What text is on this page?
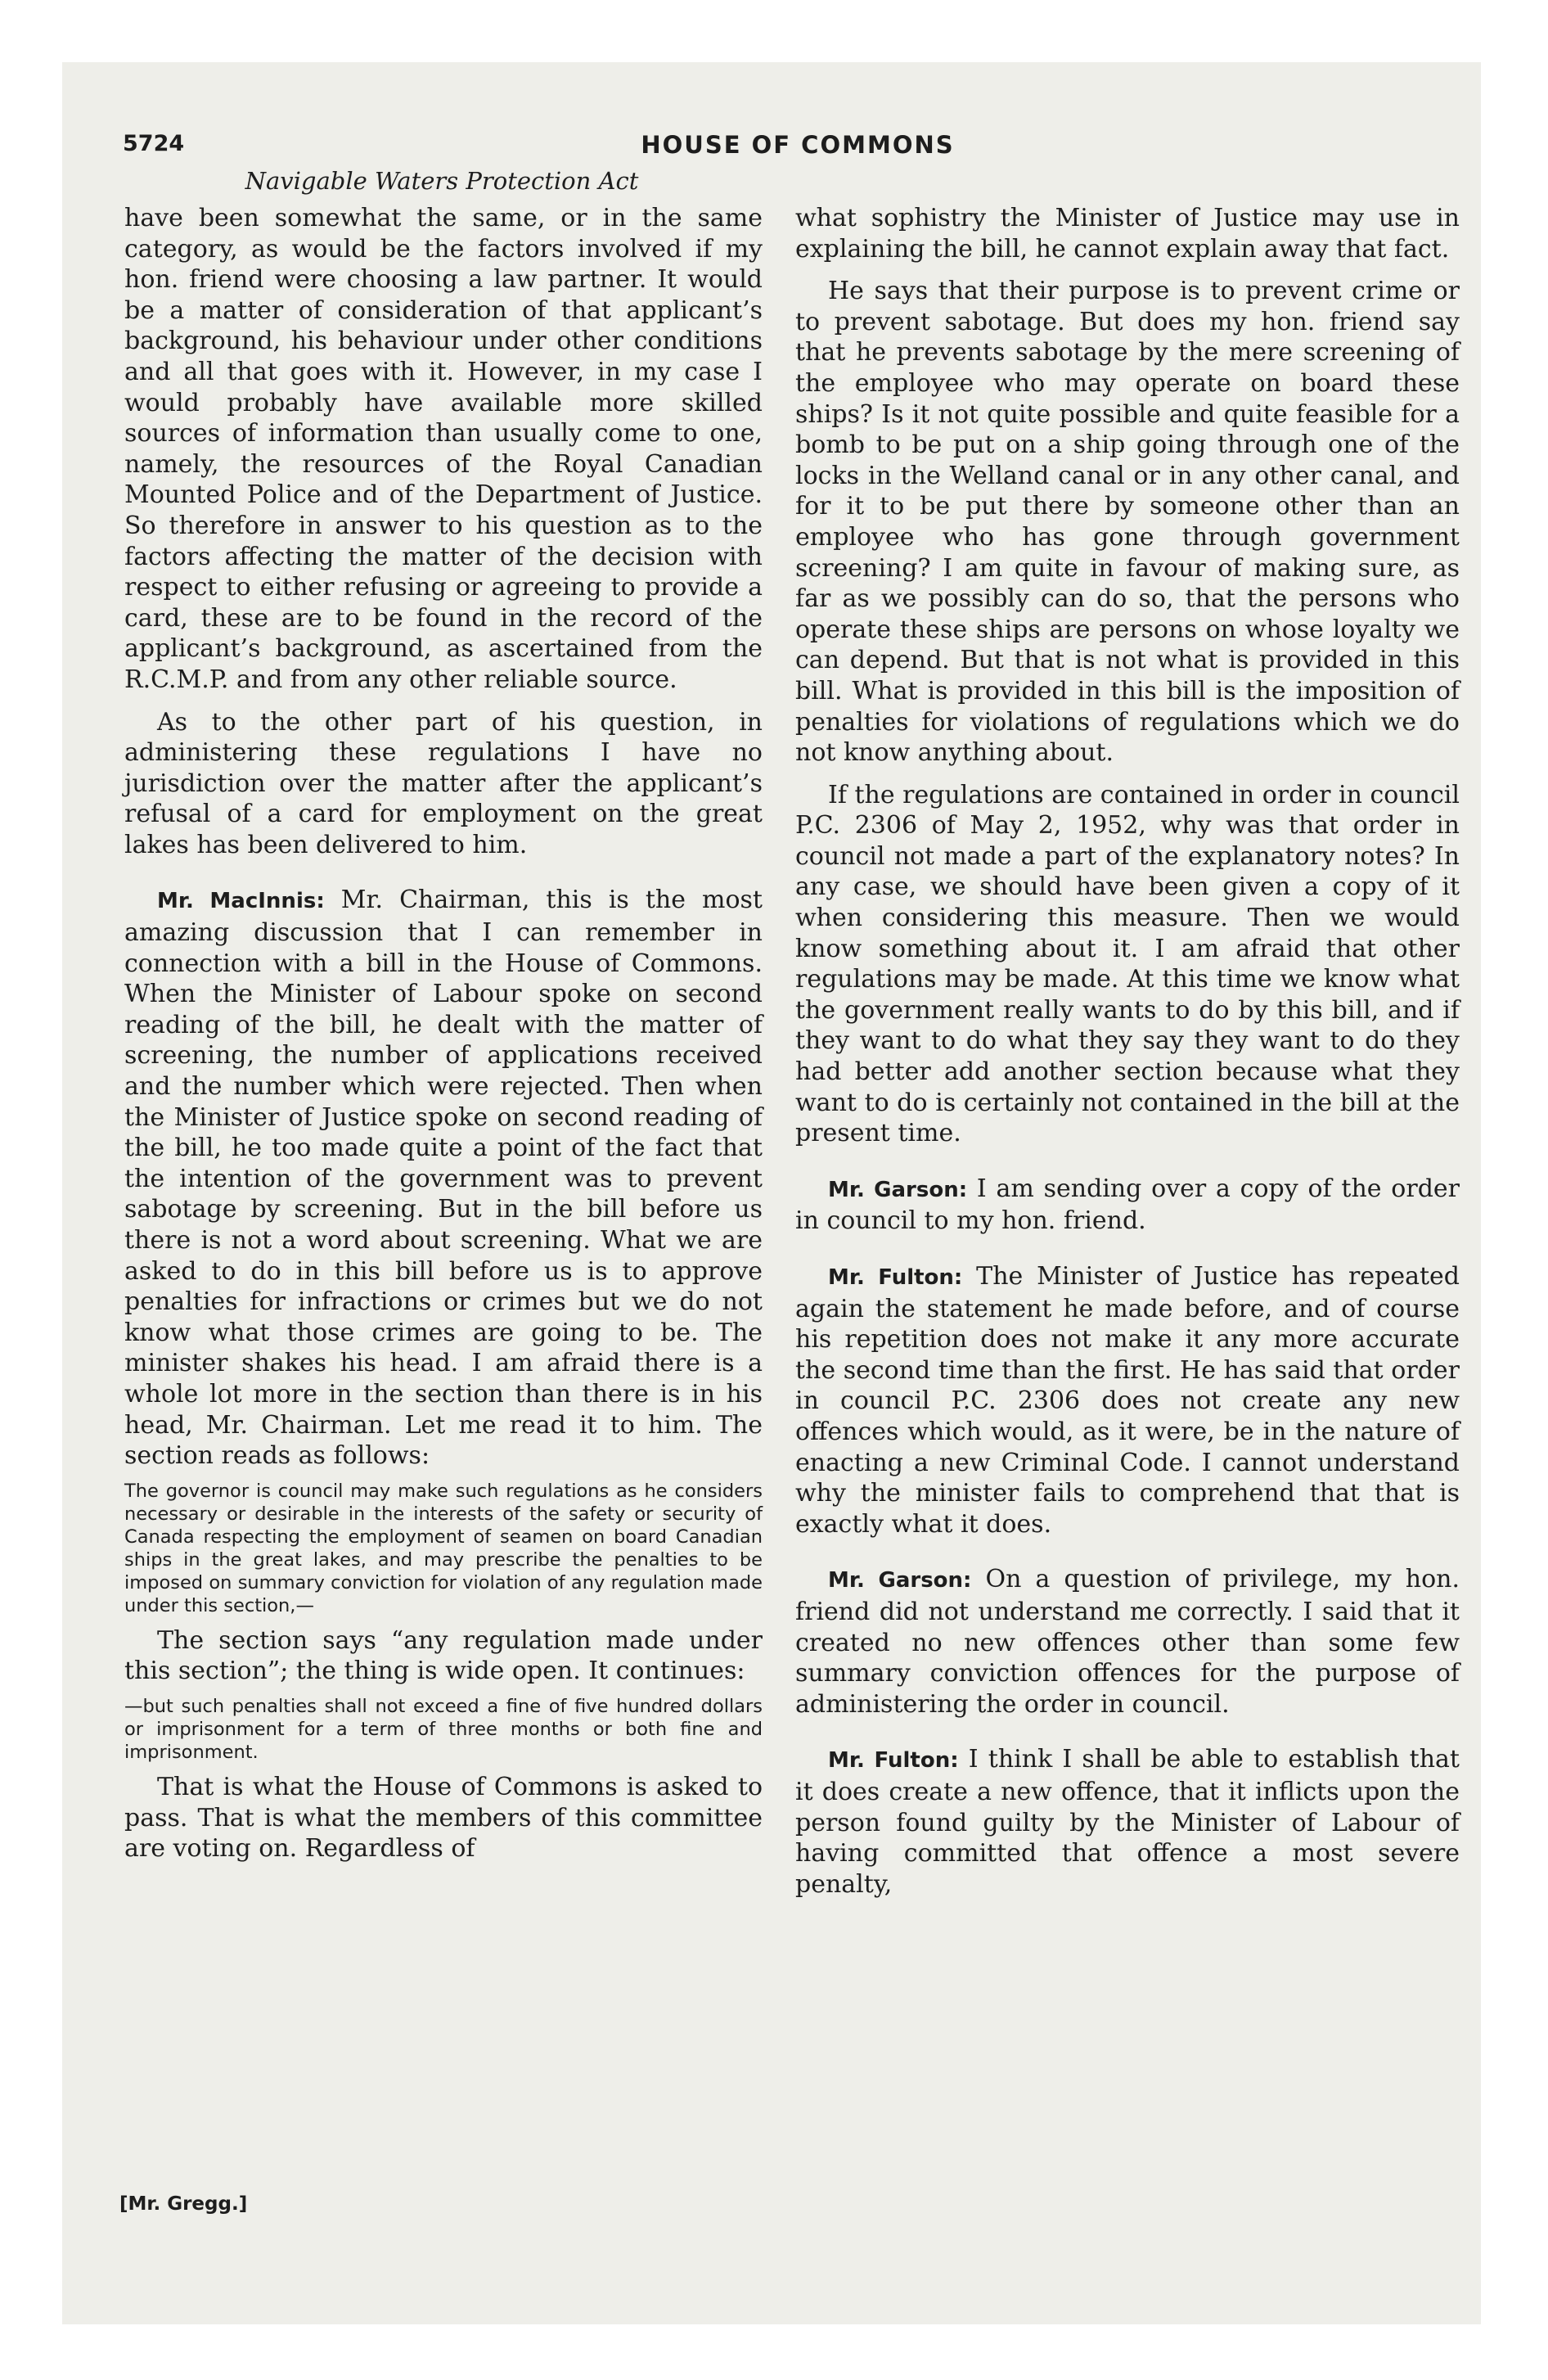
5724	HOUSE OF COMMONS
Navigable Waters Protection Act

have been somewhat the same, or in the same category, as would be the factors involved if my hon. friend were choosing a law partner. It would be a matter of consideration of that applicant’s background, his behaviour under other conditions and all that goes with it. However, in my case I would probably have available more skilled sources of information than usually come to one, namely, the resources of the Royal Canadian Mounted Police and of the Department of Justice. So therefore in answer to his question as to the factors affecting the matter of the decision with respect to either refusing or agreeing to provide a card, these are to be found in the record of the applicant’s background, as ascertained from the R.C.M.P. and from any other reliable source.

As to the other part of his question, in administering these regulations I have no jurisdiction over the matter after the applicant’s refusal of a card for employment on the great lakes has been delivered to him.

Mr. MacInnis: Mr. Chairman, this is the most amazing discussion that I can remember in connection with a bill in the House of Commons. When the Minister of Labour spoke on second reading of the bill, he dealt with the matter of screening, the number of applications received and the number which were rejected. Then when the Minister of Justice spoke on second reading of the bill, he too made quite a point of the fact that the intention of the government was to prevent sabotage by screening. But in the bill before us there is not a word about screening. What we are asked to do in this bill before us is to approve penalties for infractions or crimes but we do not know what those crimes are going to be. The minister shakes his head. I am afraid there is a whole lot more in the section than there is in his head, Mr. Chairman. Let me read it to him. The section reads as follows:

The governor is council may make such regulations as he considers necessary or desirable in the interests of the safety or security of Canada respecting the employment of seamen on board Canadian ships in the great lakes, and may prescribe the penalties to be imposed on summary conviction for violation of any regulation made under this section,—

The section says “any regulation made under this section”; the thing is wide open. It continues:

—but such penalties shall not exceed a fine of five hundred dollars or imprisonment for a term of three months or both fine and imprisonment.

That is what the House of Commons is asked to pass. That is what the members of this committee are voting on. Regardless of

what sophistry the Minister of Justice may use in explaining the bill, he cannot explain away that fact.

He says that their purpose is to prevent crime or to prevent sabotage. But does my hon. friend say that he prevents sabotage by the mere screening of the employee who may operate on board these ships? Is it not quite possible and quite feasible for a bomb to be put on a ship going through one of the locks in the Welland canal or in any other canal, and for it to be put there by someone other than an employee who has gone through government screening? I am quite in favour of making sure, as far as we possibly can do so, that the persons who operate these ships are persons on whose loyalty we can depend. But that is not what is provided in this bill. What is provided in this bill is the imposition of penalties for violations of regulations which we do not know anything about.

If the regulations are contained in order in council P.C. 2306 of May 2, 1952, why was that order in council not made a part of the explanatory notes? In any case, we should have been given a copy of it when considering this measure. Then we would know something about it. I am afraid that other regulations may be made. At this time we know what the government really wants to do by this bill, and if they want to do what they say they want to do they had better add another section because what they want to do is certainly not contained in the bill at the present time.

Mr. Garson: I am sending over a copy of the order in council to my hon. friend.

Mr. Fulton: The Minister of Justice has repeated again the statement he made before, and of course his repetition does not make it any more accurate the second time than the first. He has said that order in council P.C. 2306 does not create any new offences which would, as it were, be in the nature of enacting a new Criminal Code. I cannot understand why the minister fails to comprehend that that is exactly what it does.

Mr. Garson: On a question of privilege, my hon. friend did not understand me correctly. I said that it created no new offences other than some few summary conviction offences for the purpose of administering the order in council.

Mr. Fulton: I think I shall be able to establish that it does create a new offence, that it inflicts upon the person found guilty by the Minister of Labour of having committed that offence a most severe penalty,

[Mr. Gregg.]
